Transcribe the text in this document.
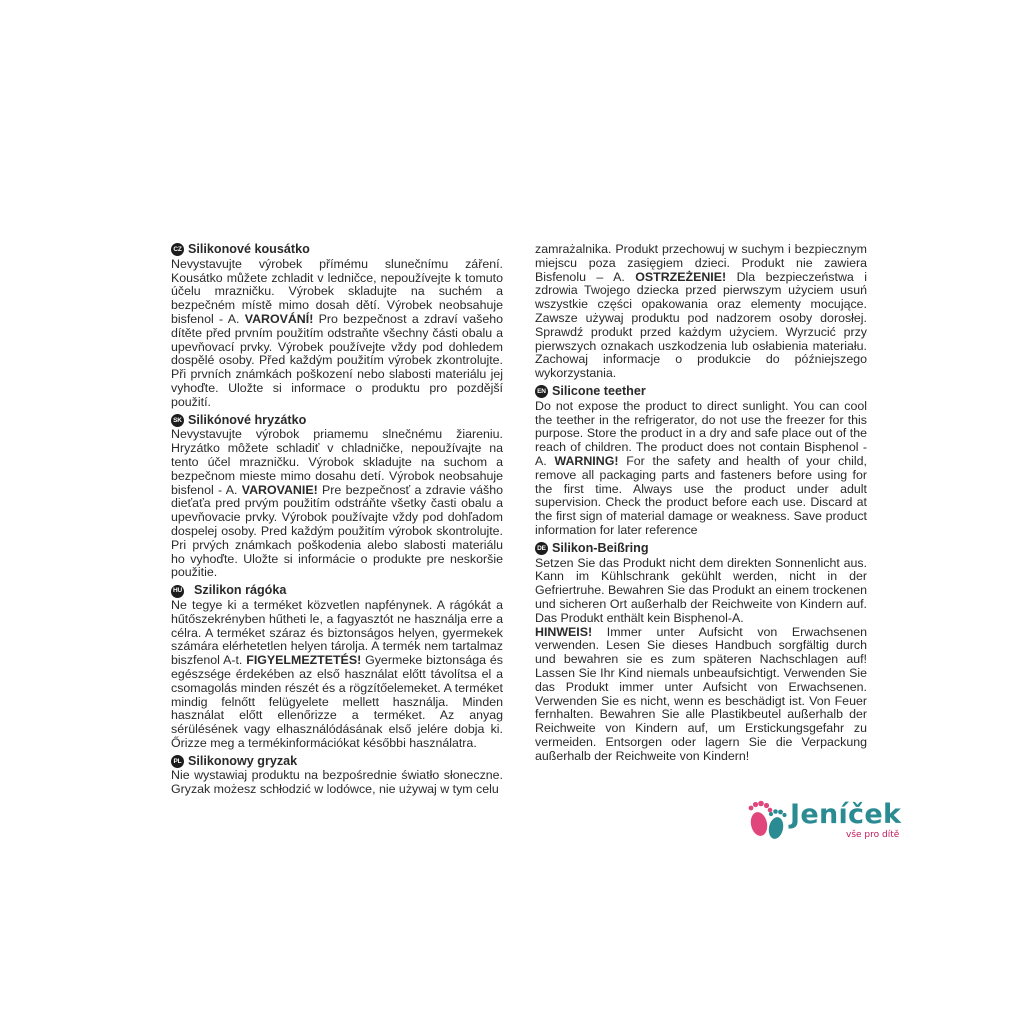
CZ Silikonové kousátko
Nevystavujte výrobek přímému slunečnímu záření. Kousátko můžete zchladit v ledničce, nepoužívejte k tomuto účelu mrazničku. Výrobek skladujte na suchém a bezpečném místě mimo dosah dětí. Výrobek neobsahuje bisfenol - A. VAROVÁNÍ! Pro bezpečnost a zdraví vašeho dítěte před prvním použitím odstraňte všechny části obalu a upevňovací prvky. Výrobek používejte vždy pod dohledem dospělé osoby. Před každým použitím výrobek zkontrolujte. Při prvních známkách poškození nebo slabosti materiálu jej vyhoďte. Uložte si informace o produktu pro pozdější použití.
SK Silikónové hryzátko
Nevystavujte výrobok priamemu slnečnému žiareniu. Hryzátko môžete schladiť v chladničke, nepoužívajte na tento účel mrazničku. Výrobok skladujte na suchom a bezpečnom mieste mimo dosahu detí. Výrobok neobsahuje bisfenol - A. VAROVANIE! Pre bezpečnosť a zdravie vášho dieťaťa pred prvým použitím odstráňte všetky časti obalu a upevňovacie prvky. Výrobok používajte vždy pod dohľadom dospelej osoby. Pred každým použitím výrobok skontrolujte. Pri prvých známkach poškodenia alebo slabosti materiálu ho vyhoďte. Uložte si informácie o produkte pre neskoršie použitie.
HU Szilikon rágóka
Ne tegye ki a terméket közvetlen napfénynek. A rágókát a hűtőszekrényben hűtheti le, a fagyasztót ne használja erre a célra. A terméket száraz és biztonságos helyen, gyermekek számára elérhetetlen helyen tárolja. A termék nem tartalmaz biszfenol A-t. FIGYELMEZTETÉS! Gyermeke biztonsága és egészsége érdekében az első használat előtt távolítsa el a csomagolás minden részét és a rögzítőelemeket. A terméket mindig felnőtt felügyelete mellett használja. Minden használat előtt ellenőrizze a terméket. Az anyag sérülésének vagy elhasználódásának első jelére dobja ki. Őrizze meg a termékinformációkat későbbi használatra.
PL Silikonowy gryzak
Nie wystawiaj produktu na bezpośrednie światło słoneczne. Gryzak możesz schłodzić w lodówce, nie używaj w tym celu
zamrażalnika. Produkt przechowuj w suchym i bezpiecznym miejscu poza zasięgiem dzieci. Produkt nie zawiera Bisfenolu – A. OSTRZEŻENIE! Dla bezpieczeństwa i zdrowia Twojego dziecka przed pierwszym użyciem usuń wszystkie części opakowania oraz elementy mocujące. Zawsze używaj produktu pod nadzorem osoby dorosłej. Sprawdź produkt przed każdym użyciem. Wyrzucić przy pierwszych oznakach uszkodzenia lub osłabienia materiału. Zachowaj informacje o produkcie do późniejszego wykorzystania.
EN Silicone teether
Do not expose the product to direct sunlight. You can cool the teether in the refrigerator, do not use the freezer for this purpose. Store the product in a dry and safe place out of the reach of children. The product does not contain Bisphenol - A. WARNING! For the safety and health of your child, remove all packaging parts and fasteners before using for the first time. Always use the product under adult supervision. Check the product before each use. Discard at the first sign of material damage or weakness. Save product information for later reference
DE Silikon-Beißring
Setzen Sie das Produkt nicht dem direkten Sonnenlicht aus. Kann im Kühlschrank gekühlt werden, nicht in der Gefriertruhe. Bewahren Sie das Produkt an einem trockenen und sicheren Ort außerhalb der Reichweite von Kindern auf. Das Produkt enthält kein Bisphenol-A.
HINWEIS! Immer unter Aufsicht von Erwachsenen verwenden. Lesen Sie dieses Handbuch sorgfältig durch und bewahren sie es zum späteren Nachschlagen auf! Lassen Sie Ihr Kind niemals unbeaufsichtigt. Verwenden Sie das Produkt immer unter Aufsicht von Erwachsenen. Verwenden Sie es nicht, wenn es beschädigt ist. Von Feuer fernhalten. Bewahren Sie alle Plastikbeutel außerhalb der Reichweite von Kindern auf, um Erstickungsgefahr zu vermeiden. Entsorgen oder lagern Sie die Verpackung außerhalb der Reichweite von Kindern!
Jeníček
vše pro dítě
